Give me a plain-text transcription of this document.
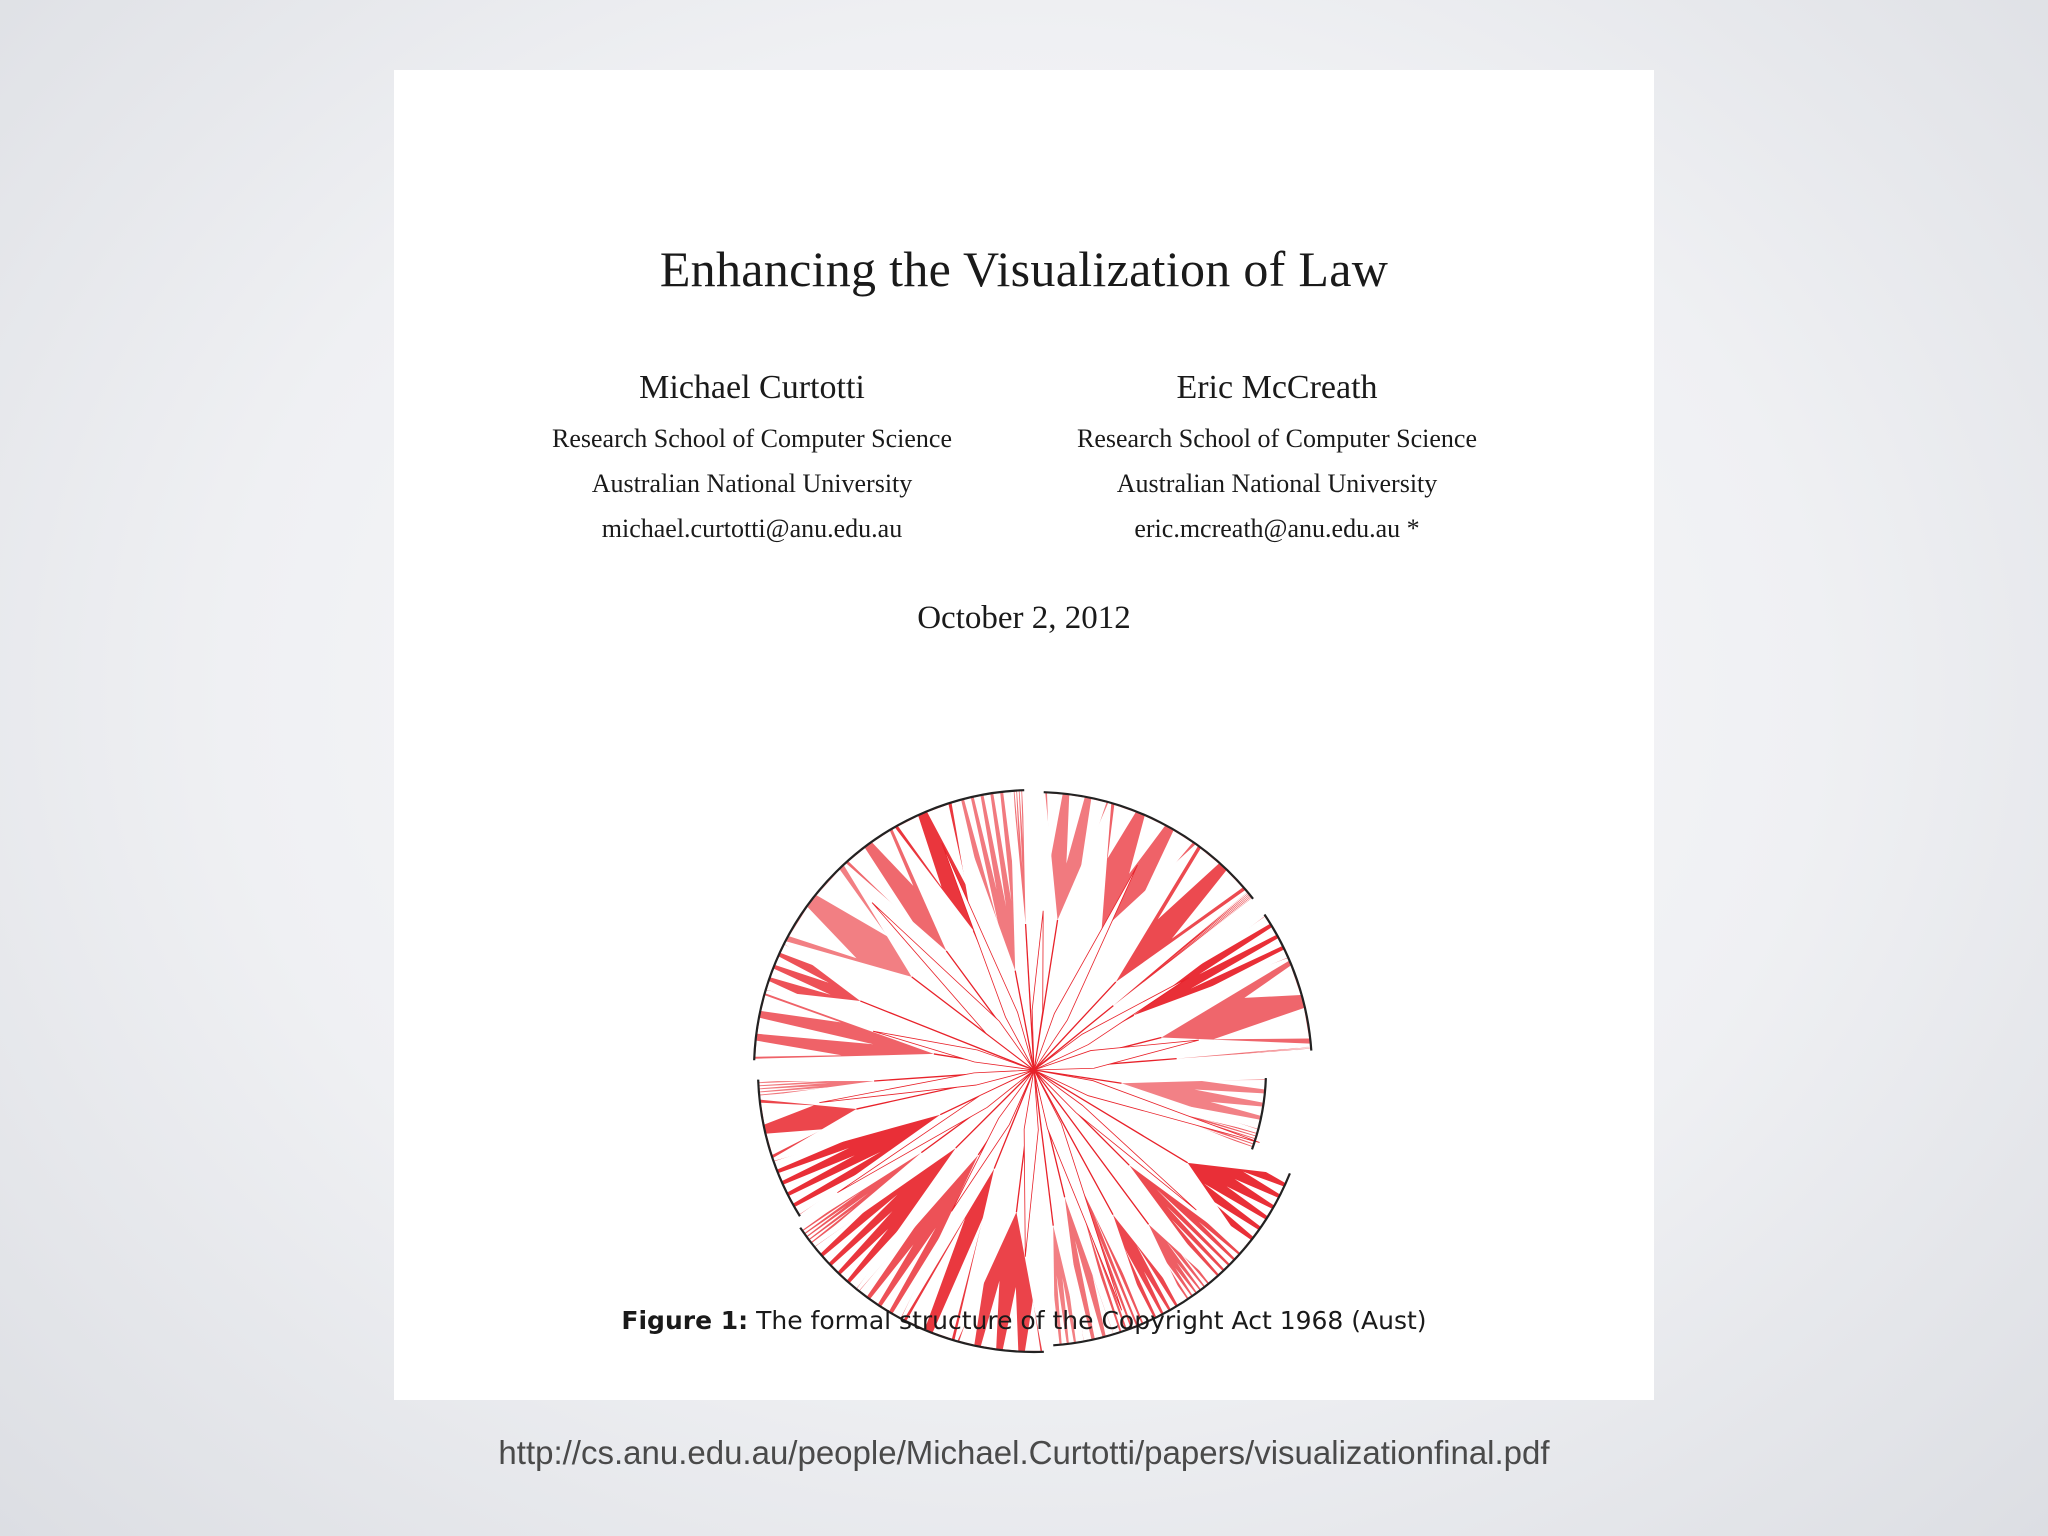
Enhancing the Visualization of Law
Michael Curtotti
Research School of Computer Science
Australian National University
michael.curtotti@anu.edu.au
Eric McCreath
Research School of Computer Science
Australian National University
eric.mcreath@anu.edu.au *
October 2, 2012
Figure 1: The formal structure of the Copyright Act 1968 (Aust)
http://cs.anu.edu.au/people/Michael.Curtotti/papers/visualizationfinal.pdf
